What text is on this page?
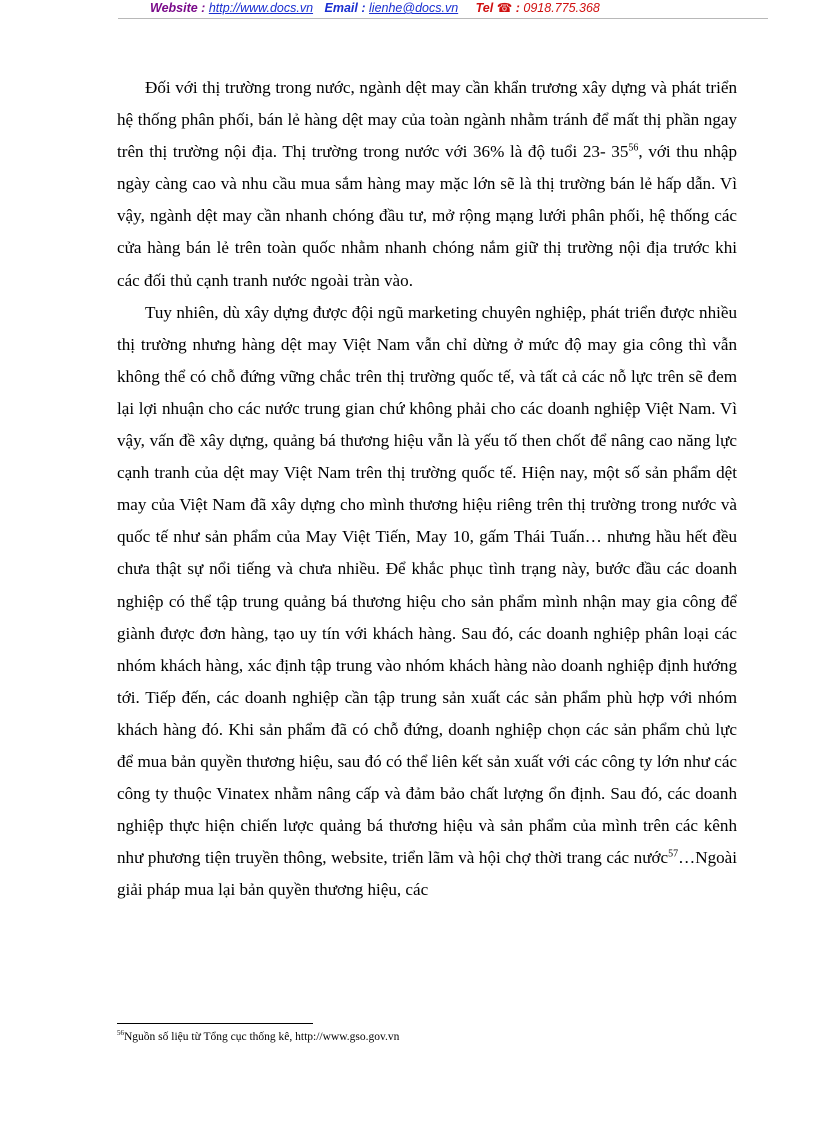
Website : http://www.docs.vn Email : lienhe@docs.vn Tel ☎ : 0918.775.368

Đối với thị trường trong nước, ngành dệt may cần khẩn trương xây dựng và phát triển hệ thống phân phối, bán lẻ hàng dệt may của toàn ngành nhằm tránh để mất thị phần ngay trên thị trường nội địa. Thị trường trong nước với 36% là độ tuổi 23- $35^{56}$, với thu nhập ngày càng cao và nhu cầu mua sắm hàng may mặc lớn sẽ là thị trường bán lẻ hấp dẫn. Vì vậy, ngành dệt may cần nhanh chóng đầu tư, mở rộng mạng lưới phân phối, hệ thống các cửa hàng bán lẻ trên toàn quốc nhằm nhanh chóng nắm giữ thị trường nội địa trước khi các đối thủ cạnh tranh nước ngoài tràn vào.

Tuy nhiên, dù xây dựng được đội ngũ marketing chuyên nghiệp, phát triển được nhiều thị trường nhưng hàng dệt may Việt Nam vẫn chỉ dừng ở mức độ may gia công thì vẫn không thể có chỗ đứng vững chắc trên thị trường quốc tế, và tất cả các nỗ lực trên sẽ đem lại lợi nhuận cho các nước trung gian chứ không phải cho các doanh nghiệp Việt Nam. Vì vậy, vấn đề xây dựng, quảng bá thương hiệu vẫn là yếu tố then chốt để nâng cao năng lực cạnh tranh của dệt may Việt Nam trên thị trường quốc tế. Hiện nay, một số sản phẩm dệt may của Việt Nam đã xây dựng cho mình thương hiệu riêng trên thị trường trong nước và quốc tế như sản phẩm của May Việt Tiến, May 10, gấm Thái Tuấn… nhưng hầu hết đều chưa thật sự nổi tiếng và chưa nhiều. Để khắc phục tình trạng này, bước đầu các doanh nghiệp có thể tập trung quảng bá thương hiệu cho sản phẩm mình nhận may gia công để giành được đơn hàng, tạo uy tín với khách hàng. Sau đó, các doanh nghiệp phân loại các nhóm khách hàng, xác định tập trung vào nhóm khách hàng nào doanh nghiệp định hướng tới. Tiếp đến, các doanh nghiệp cần tập trung sản xuất các sản phẩm phù hợp với nhóm khách hàng đó. Khi sản phẩm đã có chỗ đứng, doanh nghiệp chọn các sản phẩm chủ lực để mua bản quyền thương hiệu, sau đó có thể liên kết sản xuất với các công ty lớn như các công ty thuộc Vinatex nhằm nâng cấp và đảm bảo chất lượng ổn định. Sau đó, các doanh nghiệp thực hiện chiến lược quảng bá thương hiệu và sản phẩm của mình trên các kênh như phương tiện truyền thông, website, triển lãm và hội chợ thời trang các nước$^{57}$…Ngoài giải pháp mua lại bản quyền thương hiệu, các

$^{56}$Nguồn số liệu từ Tổng cục thống kê, http://www.gso.gov.vn
